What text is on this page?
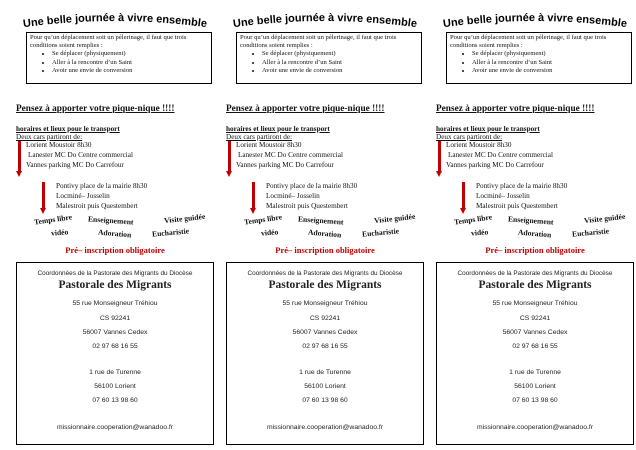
Une belle journée à vivre ensemble
Pour qu’un déplacement soit un pèlerinage, il faut que trois conditions soient remplies :
• Se déplacer (physiquement)
• Aller à la rencontre d’un Saint
• Avoir une envie de conversion
Pensez à apporter votre pique-nique !!!!
horaires et lieux pour le transport
Deux cars partiront de:
Lorient Moustoir 8h30
Lanester MC Do Centre commercial
Vannes parking MC Do Carrefour
Pontivy place de la mairie 8h30
Locminé– Josselin
Malestroit puis Questembert
Temps libre Enseignement	Visite guidée
vidéo	Adoration	Eucharistie
Pré– inscription obligatoire
Coordonnées de la Pastorale des Migrants du Diocèse
Pastorale des Migrants
55 rue Monseigneur Tréhiou
CS 92241
56007 Vannes Cedex
02 97 68 16 55
1 rue de Turenne
56100 Lorient
07 60 13 98 60
missionnaire.cooperation@wanadoo.fr
Une belle journée à vivre ensemble
Pour qu’un déplacement soit un pèlerinage, il faut que trois conditions soient remplies :
• Se déplacer (physiquement)
• Aller à la rencontre d’un Saint
• Avoir une envie de conversion
Pensez à apporter votre pique-nique !!!!
horaires et lieux pour le transport
Deux cars partiront de:
Lorient Moustoir 8h30
Lanester MC Do Centre commercial
Vannes parking MC Do Carrefour
Pontivy place de la mairie 8h30
Locminé– Josselin
Malestroit puis Questembert
Temps libre Enseignement	Visite guidée
vidéo	Adoration	Eucharistie
Pré– inscription obligatoire
Coordonnées de la Pastorale des Migrants du Diocèse
Pastorale des Migrants
55 rue Monseigneur Tréhiou
CS 92241
56007 Vannes Cedex
02 97 68 16 55
1 rue de Turenne
56100 Lorient
07 60 13 98 60
missionnaire.cooperation@wanadoo.fr
Une belle journée à vivre ensemble
Pour qu’un déplacement soit un pèlerinage, il faut que trois conditions soient remplies :
• Se déplacer (physiquement)
• Aller à la rencontre d’un Saint
• Avoir une envie de conversion
Pensez à apporter votre pique-nique !!!!
horaires et lieux pour le transport
Deux cars partiront de:
Lorient Moustoir 8h30
Lanester MC Do Centre commercial
Vannes parking MC Do Carrefour
Pontivy place de la mairie 8h30
Locminé– Josselin
Malestroit puis Questembert
Temps libre Enseignement	Visite guidée
vidéo	Adoration	Eucharistie
Pré– inscription obligatoire
Coordonnées de la Pastorale des Migrants du Diocèse
Pastorale des Migrants
55 rue Monseigneur Tréhiou
CS 92241
56007 Vannes Cedex
02 97 68 16 55
1 rue de Turenne
56100 Lorient
07 60 13 98 60
missionnaire.cooperation@wanadoo.fr
